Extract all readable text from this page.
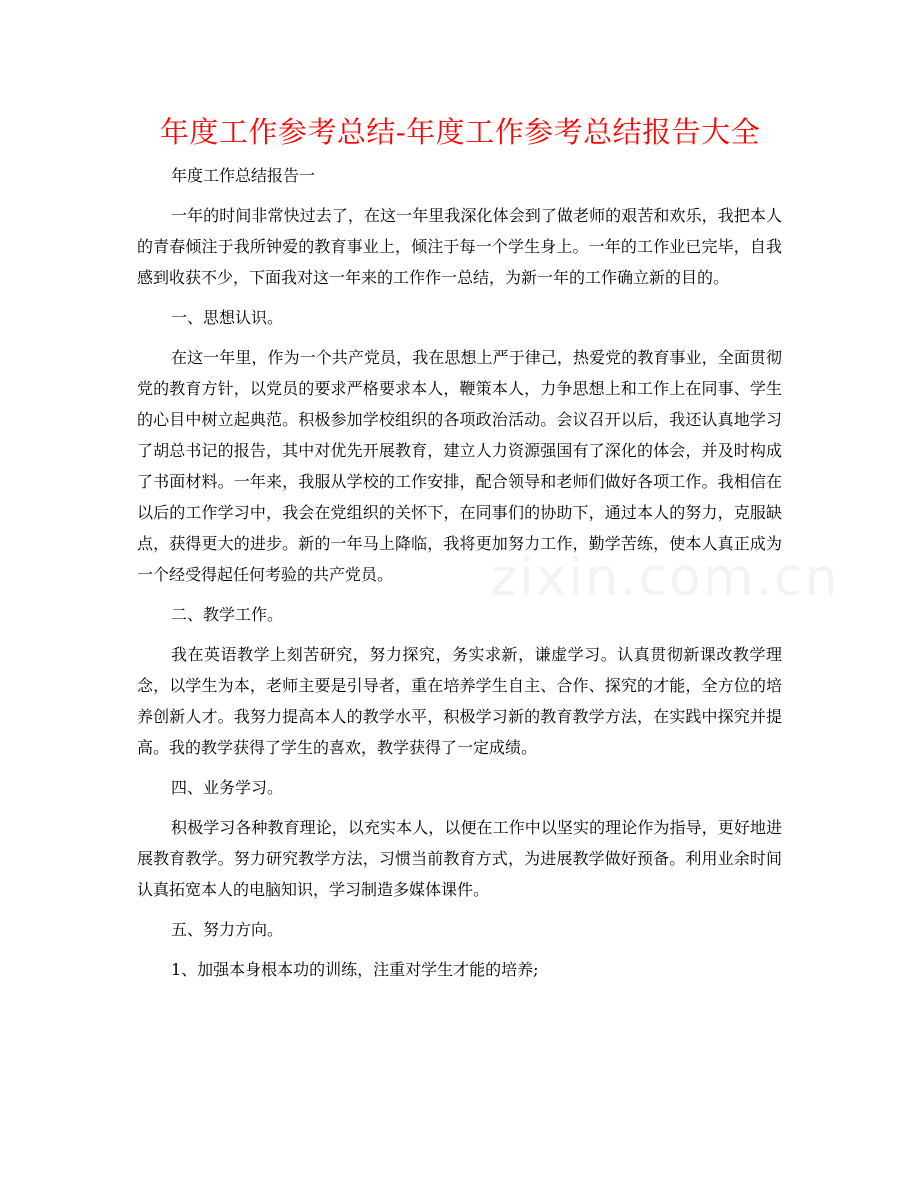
年度工作参考总结-年度工作参考总结报告大全
zixin.com.cn

年度工作总结报告一

一年的时间非常快过去了，在这一年里我深化体会到了做老师的艰苦和欢乐，我把本人的青春倾注于我所钟爱的教育事业上，倾注于每一个学生身上。一年的工作业已完毕，自我感到收获不少，下面我对这一年来的工作作一总结，为新一年的工作确立新的目的。

一、思想认识。

在这一年里，作为一个共产党员，我在思想上严于律己，热爱党的教育事业，全面贯彻党的教育方针，以党员的要求严格要求本人，鞭策本人，力争思想上和工作上在同事、学生的心目中树立起典范。积极参加学校组织的各项政治活动。会议召开以后，我还认真地学习了胡总书记的报告，其中对优先开展教育，建立人力资源强国有了深化的体会，并及时构成了书面材料。一年来，我服从学校的工作安排，配合领导和老师们做好各项工作。我相信在以后的工作学习中，我会在党组织的关怀下，在同事们的协助下，通过本人的努力，克服缺点，获得更大的进步。新的一年马上降临，我将更加努力工作，勤学苦练，使本人真正成为一个经受得起任何考验的共产党员。

二、教学工作。

我在英语教学上刻苦研究，努力探究，务实求新，谦虚学习。认真贯彻新课改教学理念，以学生为本，老师主要是引导者，重在培养学生自主、合作、探究的才能，全方位的培养创新人才。我努力提高本人的教学水平，积极学习新的教育教学方法，在实践中探究并提高。我的教学获得了学生的喜欢，教学获得了一定成绩。

四、业务学习。

积极学习各种教育理论，以充实本人，以便在工作中以坚实的理论作为指导，更好地进展教育教学。努力研究教学方法，习惯当前教育方式，为进展教学做好预备。利用业余时间认真拓宽本人的电脑知识，学习制造多媒体课件。

五、努力方向。

1、加强本身根本功的训练，注重对学生才能的培养;
